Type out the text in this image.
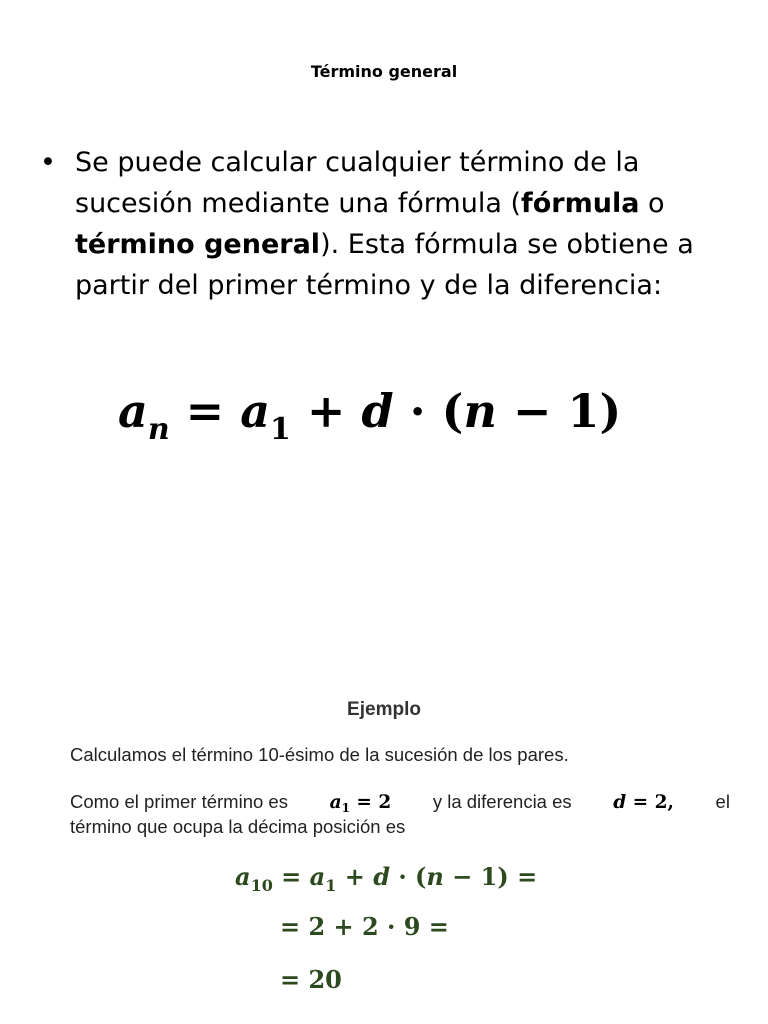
Término general
• Se puede calcular cualquier término de la sucesión mediante una fórmula (fórmula o término general). Esta fórmula se obtiene a partir del primer término y de la diferencia:
$a_n = a_1 + d \cdot (n - 1)$
Ejemplo
Calculamos el término 10-ésimo de la sucesión de los pares.
Como el primer término es $a_1 = 2$ y la diferencia es d = 2, el
término que ocupa la décima posición es
$a_{10} = a_1 + d \cdot (n - 1)$ =
= 2 + 2 · 9 =
= 20
